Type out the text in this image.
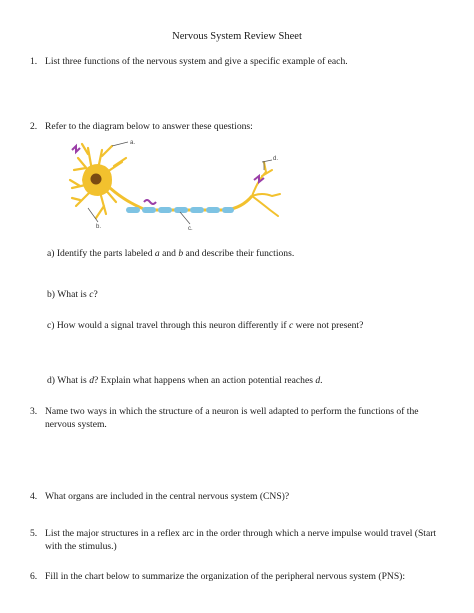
Nervous System Review Sheet
1. List three functions of the nervous system and give a specific example of each.
2. Refer to the diagram below to answer these questions:
a.
b.	c.
d.
a) Identify the parts labeled a and b and describe their functions.
b) What is c?
c) How would a signal travel through this neuron differently if c were not present?
d) What is d? Explain what happens when an action potential reaches d.
3. Name two ways in which the structure of a neuron is well adapted to perform the functions of the nervous system.
4. What organs are included in the central nervous system (CNS)?
5. List the major structures in a reflex arc in the order through which a nerve impulse would travel (Start with the stimulus.)
6. Fill in the chart below to summarize the organization of the peripheral nervous system (PNS):
